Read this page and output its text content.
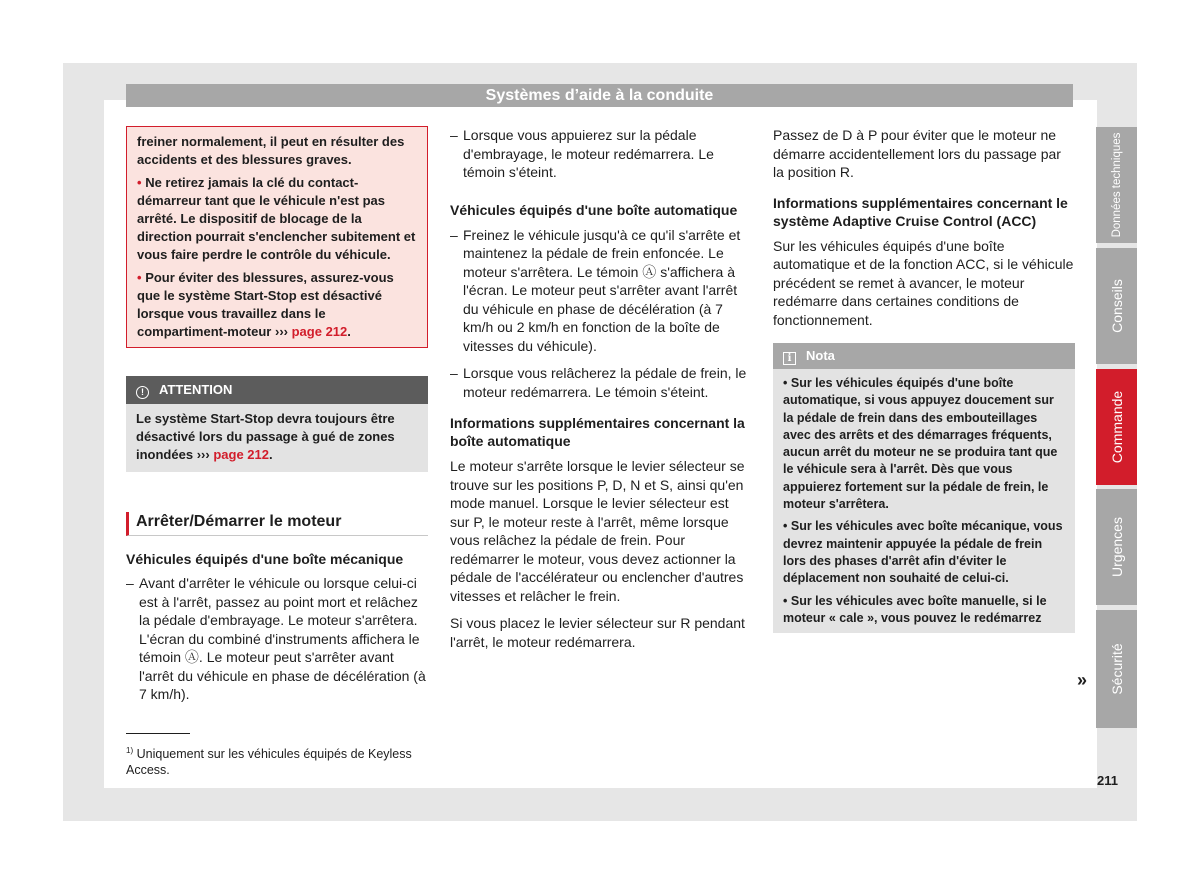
Systèmes d’aide à la conduite

freiner normalement, il peut en résulter des accidents et des blessures graves.

• Ne retirez jamais la clé du contact-démarreur tant que le véhicule n'est pas arrêté. Le dispositif de blocage de la direction pourrait s'enclencher subitement et vous faire perdre le contrôle du véhicule.

• Pour éviter des blessures, assurez-vous que le système Start-Stop est désactivé lorsque vous travaillez dans le compartiment-moteur ››› page 212.

! ATTENTION
Le système Start-Stop devra toujours être désactivé lors du passage à gué de zones inondées ››› page 212.
Arrêter/Démarrer le moteur

Véhicules équipés d'une boîte mécanique

– Avant d'arrêter le véhicule ou lorsque celui-ci est à l'arrêt, passez au point mort et relâchez la pédale d'embrayage. Le moteur s'arrêtera. L'écran du combiné d'instruments affichera le témoin Ⓐ. Le moteur peut s'arrêter avant l'arrêt du véhicule en phase de décélération (à 7 km/h).

$^{1)}$ Uniquement sur les véhicules équipés de Keyless Access.

– Lorsque vous appuierez sur la pédale d'embrayage, le moteur redémarrera. Le témoin s'éteint.

Véhicules équipés d'une boîte automatique

– Freinez le véhicule jusqu'à ce qu'il s'arrête et maintenez la pédale de frein enfoncée. Le moteur s'arrêtera. Le témoin Ⓐ s'affichera à l'écran. Le moteur peut s'arrêter avant l'arrêt du véhicule en phase de décélération (à 7 km/h ou 2 km/h en fonction de la boîte de vitesses du véhicule).

– Lorsque vous relâcherez la pédale de frein, le moteur redémarrera. Le témoin s'éteint.

Informations supplémentaires concernant la boîte automatique

Le moteur s'arrête lorsque le levier sélecteur se trouve sur les positions P, D, N et S, ainsi qu'en mode manuel. Lorsque le levier sélecteur est sur P, le moteur reste à l'arrêt, même lorsque vous relâchez la pédale de frein. Pour redémarrer le moteur, vous devez actionner la pédale de l'accélérateur ou enclencher d'autres vitesses et relâcher le frein.

Si vous placez le levier sélecteur sur R pendant l'arrêt, le moteur redémarrera.

Passez de D à P pour éviter que le moteur ne démarre accidentellement lors du passage par la position R.

Informations supplémentaires concernant le système Adaptive Cruise Control (ACC)

Sur les véhicules équipés d'une boîte automatique et de la fonction ACC, si le véhicule précédent se remet à avancer, le moteur redémarre dans certaines conditions de fonctionnement.

i Nota

• Sur les véhicules équipés d'une boîte automatique, si vous appuyez doucement sur la pédale de frein dans des embouteillages avec des arrêts et des démarrages fréquents, aucun arrêt du moteur ne se produira tant que le véhicule sera à l'arrêt. Dès que vous appuierez fortement sur la pédale de frein, le moteur s'arrêtera.

• Sur les véhicules avec boîte mécanique, vous devrez maintenir appuyée la pédale de frein lors des phases d'arrêt afin d'éviter le déplacement non souhaité de celui-ci.

• Sur les véhicules avec boîte manuelle, si le moteur « cale », vous pouvez le redémarrez

»
Données techniques
Conseils
Commande
Urgences
Sécurité
211
